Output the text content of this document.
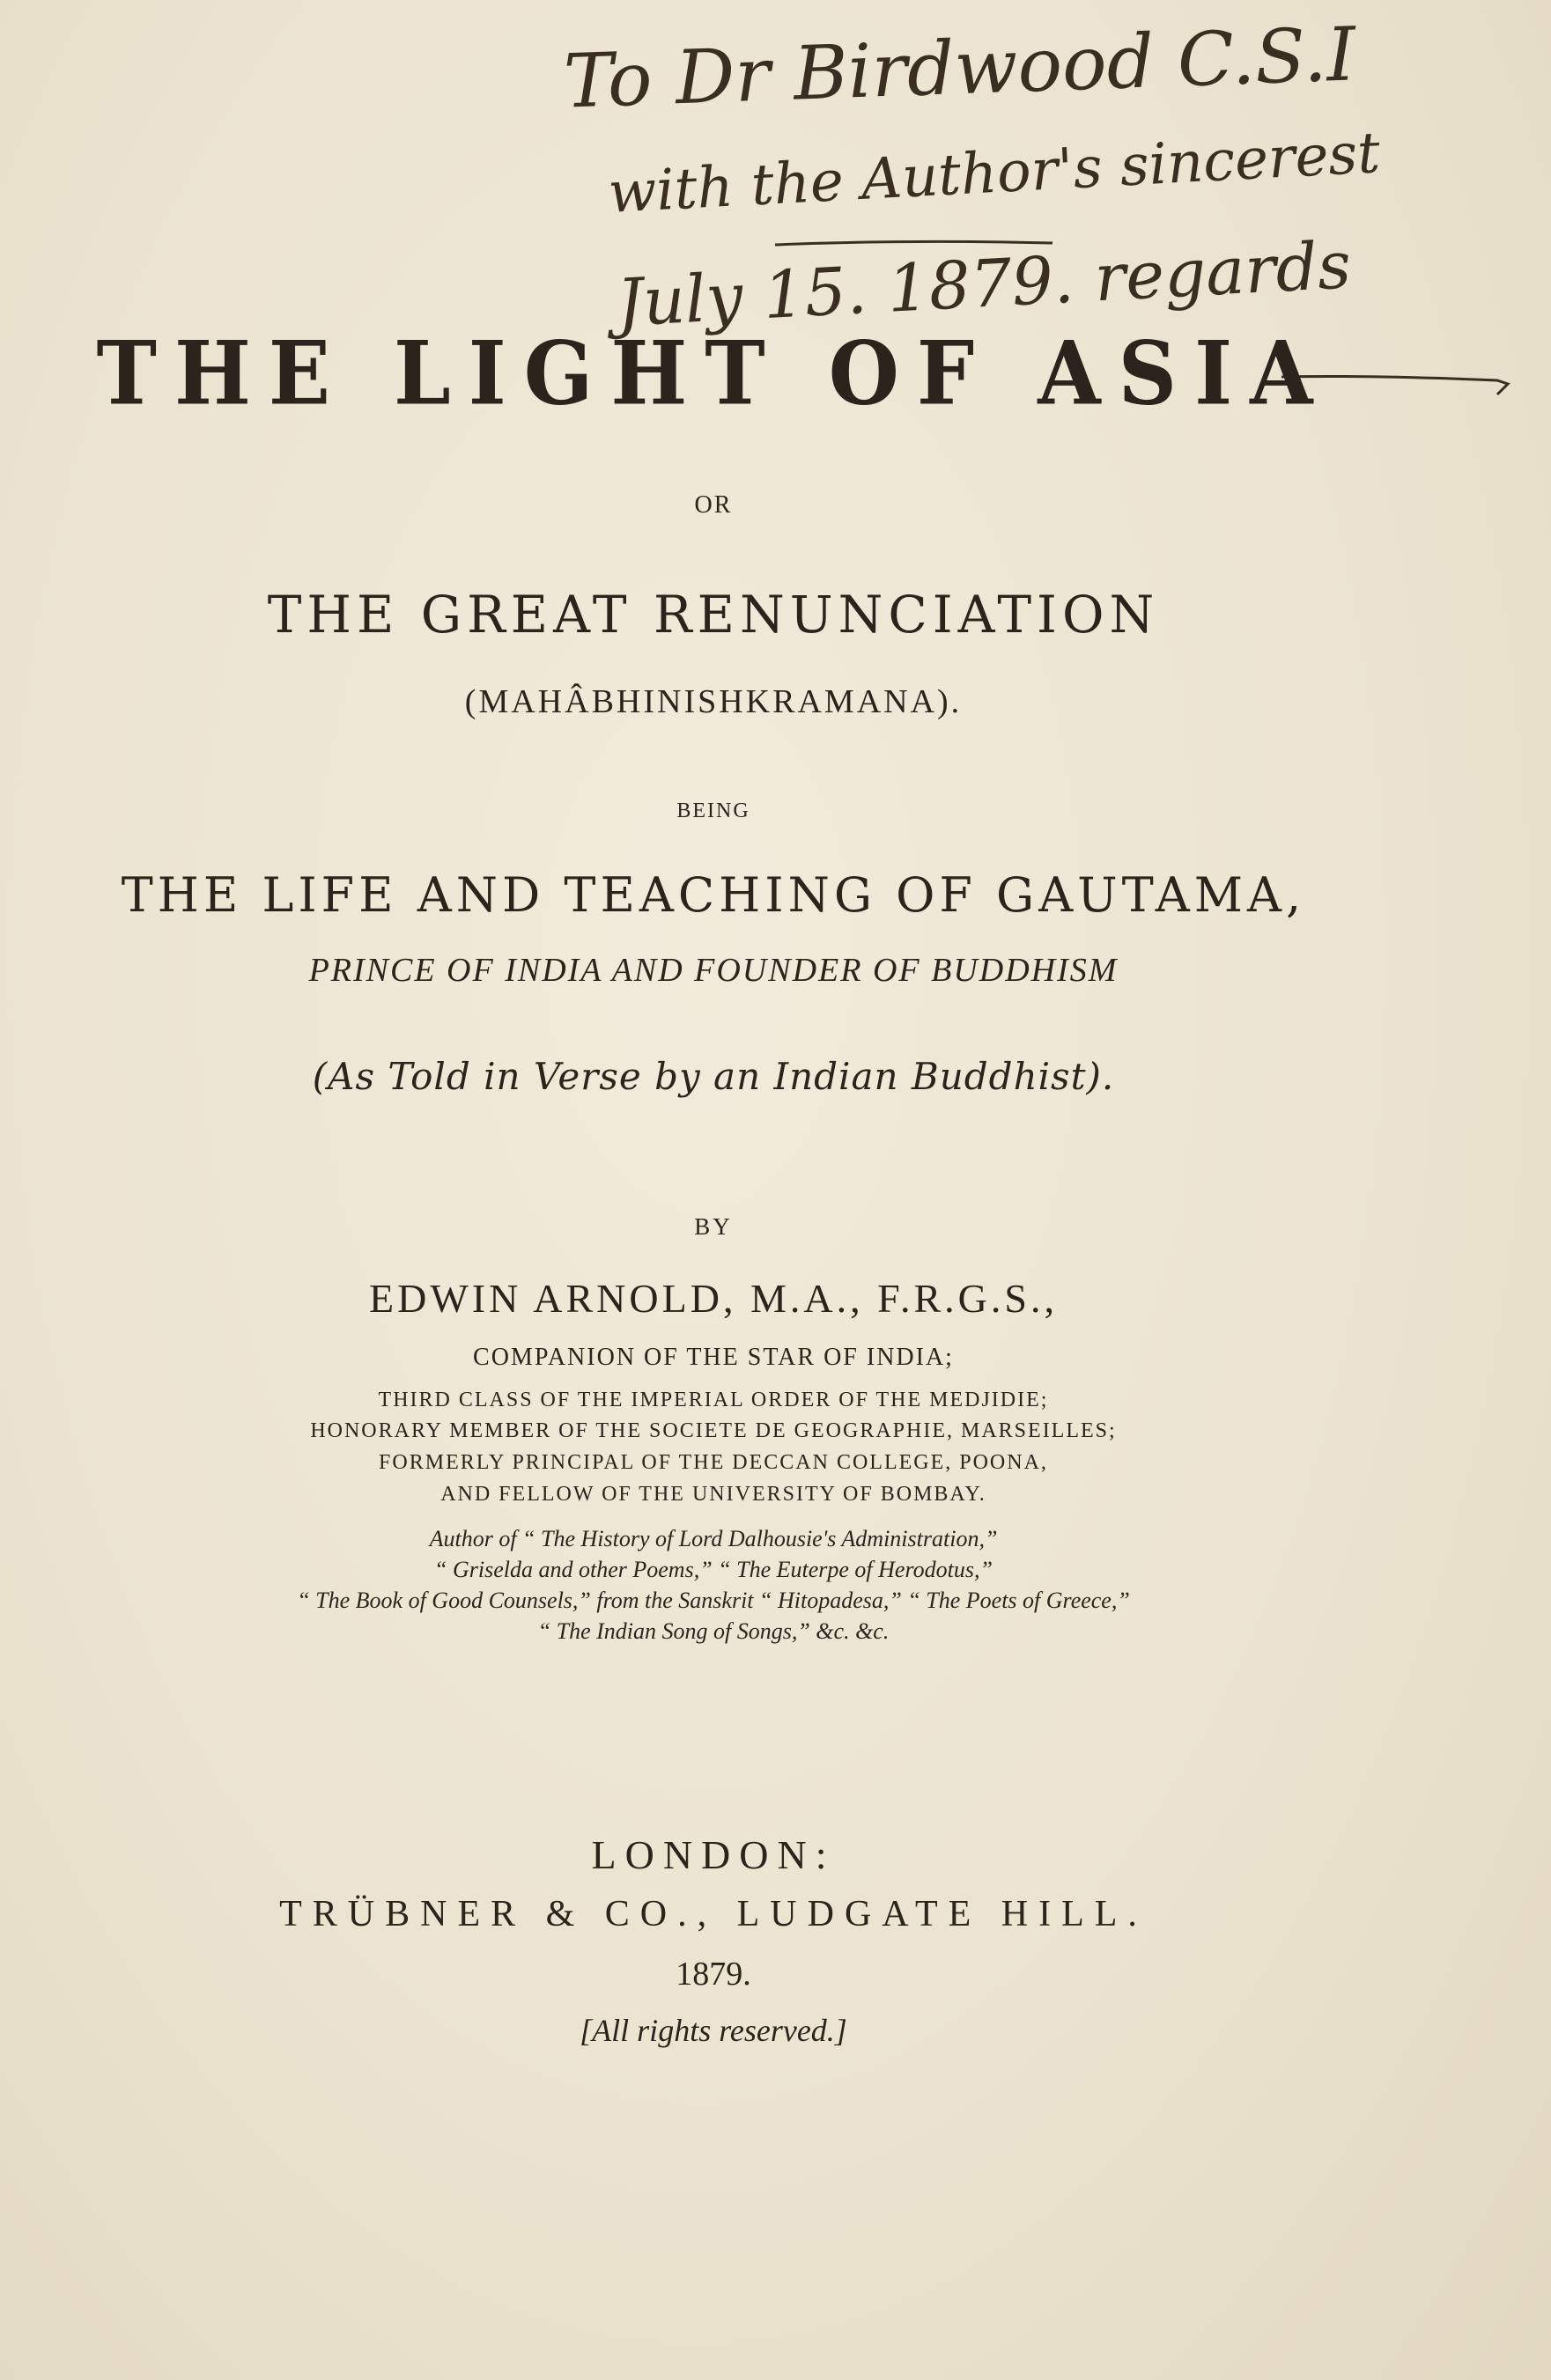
To Dr Birdwood C.S.I
with the Author's sincerest
July 15. 1879. regards
THE LIGHT OF ASIA
OR
THE GREAT RENUNCIATION
(MAHÂBHINISHKRAMANA).
BEING
THE LIFE AND TEACHING OF GAUTAMA,
PRINCE OF INDIA AND FOUNDER OF BUDDHISM
(As Told in Verse by an Indian Buddhist).
BY
EDWIN ARNOLD, M.A., F.R.G.S.,
COMPANION OF THE STAR OF INDIA;
THIRD CLASS OF THE IMPERIAL ORDER OF THE MEDJIDIE;
HONORARY MEMBER OF THE SOCIETE DE GEOGRAPHIE, MARSEILLES;
FORMERLY PRINCIPAL OF THE DECCAN COLLEGE, POONA,
AND FELLOW OF THE UNIVERSITY OF BOMBAY.
Author of “ The History of Lord Dalhousie's Administration,”
“ Griselda and other Poems,” “ The Euterpe of Herodotus,”
“ The Book of Good Counsels,” from the Sanskrit “ Hitopadesa,” “ The Poets of Greece,”
“ The Indian Song of Songs,” &c. &c.
LONDON:
TRÜBNER & CO., LUDGATE HILL.
1879.
[All rights reserved.]
